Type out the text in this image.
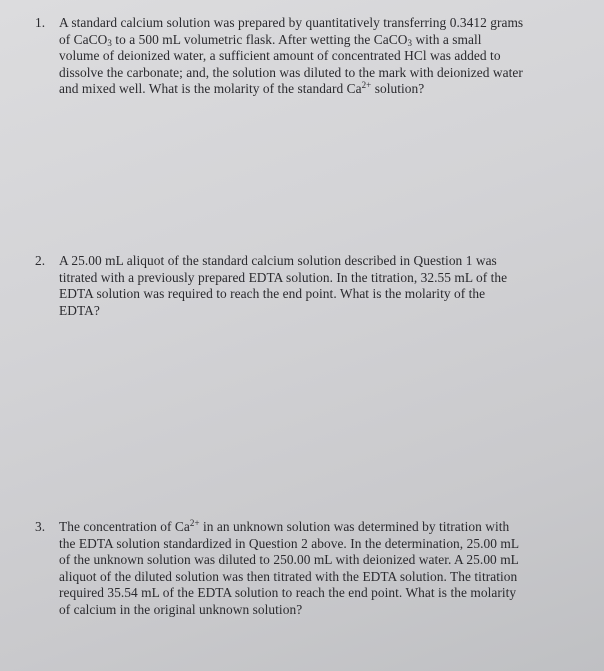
1.	A standard calcium solution was prepared by quantitatively transferring 0.3412 grams
of CaCO$_3$ to a 500 mL volumetric flask. After wetting the CaCO$_3$ with a small
volume of deionized water, a sufficient amount of concentrated HCl was added to
dissolve the carbonate; and, the solution was diluted to the mark with deionized water
and mixed well. What is the molarity of the standard $Ca^{2+}$ solution?
2.	A 25.00 mL aliquot of the standard calcium solution described in Question 1 was
titrated with a previously prepared EDTA solution. In the titration, 32.55 mL of the
EDTA solution was required to reach the end point. What is the molarity of the
EDTA?
3.	The concentration of $Ca^{2+}$ in an unknown solution was determined by titration with
the EDTA solution standardized in Question 2 above. In the determination, 25.00 mL
of the unknown solution was diluted to 250.00 mL with deionized water. A 25.00 mL
aliquot of the diluted solution was then titrated with the EDTA solution. The titration
required 35.54 mL of the EDTA solution to reach the end point. What is the molarity
of calcium in the original unknown solution?
